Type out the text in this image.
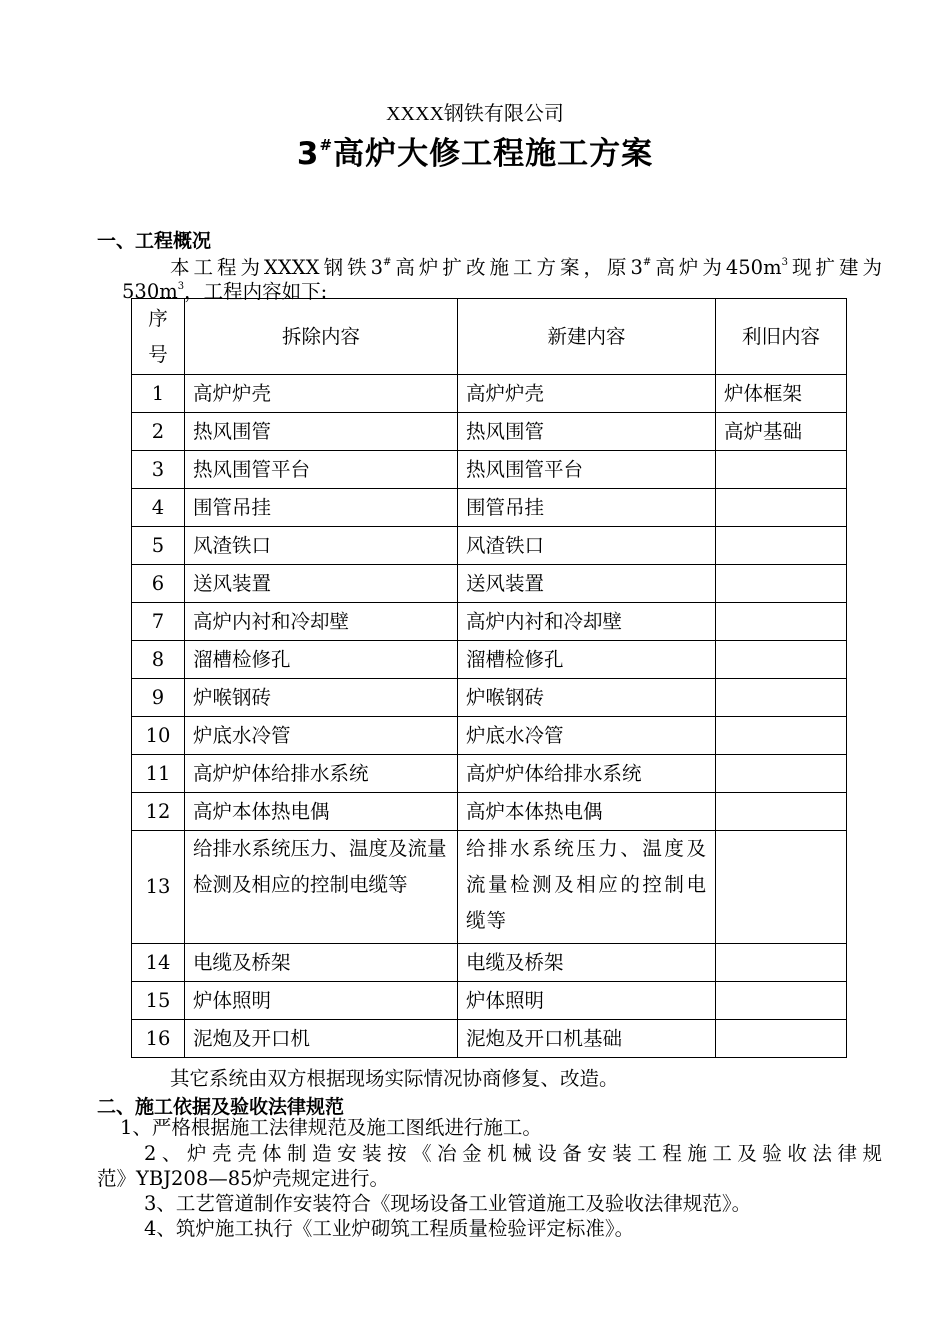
XXXX钢铁有限公司
3#高炉大修工程施工方案
一、工程概况
本工程为XXXX钢铁3#高炉扩改施工方案，原3#高炉为$450m^3$现扩建为
$530m^3$，工程内容如下:
序号	拆除内容	新建内容	利旧内容
1	高炉炉壳	高炉炉壳	炉体框架
2	热风围管	热风围管	高炉基础
3	热风围管平台	热风围管平台	
4	围管吊挂	围管吊挂	
5	风渣铁口	风渣铁口	
6	送风装置	送风装置	
7	高炉内衬和冷却壁	高炉内衬和冷却壁	
8	溜槽检修孔	溜槽检修孔	
9	炉喉钢砖	炉喉钢砖	
10	炉底水冷管	炉底水冷管	
11	高炉炉体给排水系统	高炉炉体给排水系统	
12	高炉本体热电偶	高炉本体热电偶	
13	给排水系统压力、温度及流量检测及相应的控制电缆等	给排水系统压力、温度及流量检测及相应的控制电缆等	
14	电缆及桥架	电缆及桥架	
15	炉体照明	炉体照明	
16	泥炮及开口机	泥炮及开口机基础	
其它系统由双方根据现场实际情况协商修复、改造。
二、施工依据及验收法律规范
1、严格根据施工法律规范及施工图纸进行施工。
2、炉壳壳体制造安装按《冶金机械设备安装工程施工及验收法律规
范》YBJ208—85炉壳规定进行。
3、工艺管道制作安装符合《现场设备工业管道施工及验收法律规范》。
4、筑炉施工执行《工业炉砌筑工程质量检验评定标准》。
